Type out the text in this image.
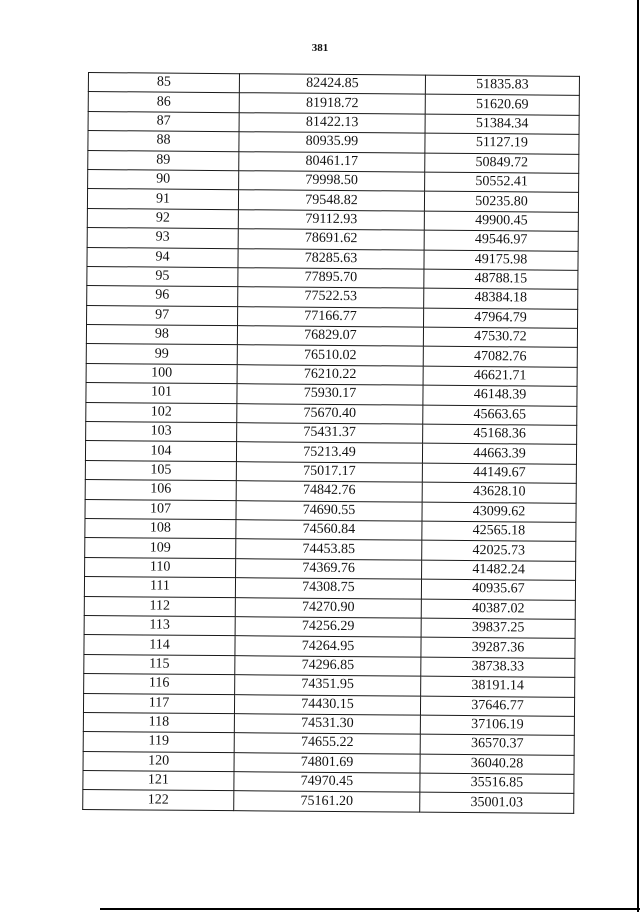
381
85	82424.85	51835.83
86	81918.72	51620.69
87	81422.13	51384.34
88	80935.99	51127.19
89	80461.17	50849.72
90	79998.50	50552.41
91	79548.82	50235.80
92	79112.93	49900.45
93	78691.62	49546.97
94	78285.63	49175.98
95	77895.70	48788.15
96	77522.53	48384.18
97	77166.77	47964.79
98	76829.07	47530.72
99	76510.02	47082.76
100	76210.22	46621.71
101	75930.17	46148.39
102	75670.40	45663.65
103	75431.37	45168.36
104	75213.49	44663.39
105	75017.17	44149.67
106	74842.76	43628.10
107	74690.55	43099.62
108	74560.84	42565.18
109	74453.85	42025.73
110	74369.76	41482.24
111	74308.75	40935.67
112	74270.90	40387.02
113	74256.29	39837.25
114	74264.95	39287.36
115	74296.85	38738.33
116	74351.95	38191.14
117	74430.15	37646.77
118	74531.30	37106.19
119	74655.22	36570.37
120	74801.69	36040.28
121	74970.45	35516.85
122	75161.20	35001.03
